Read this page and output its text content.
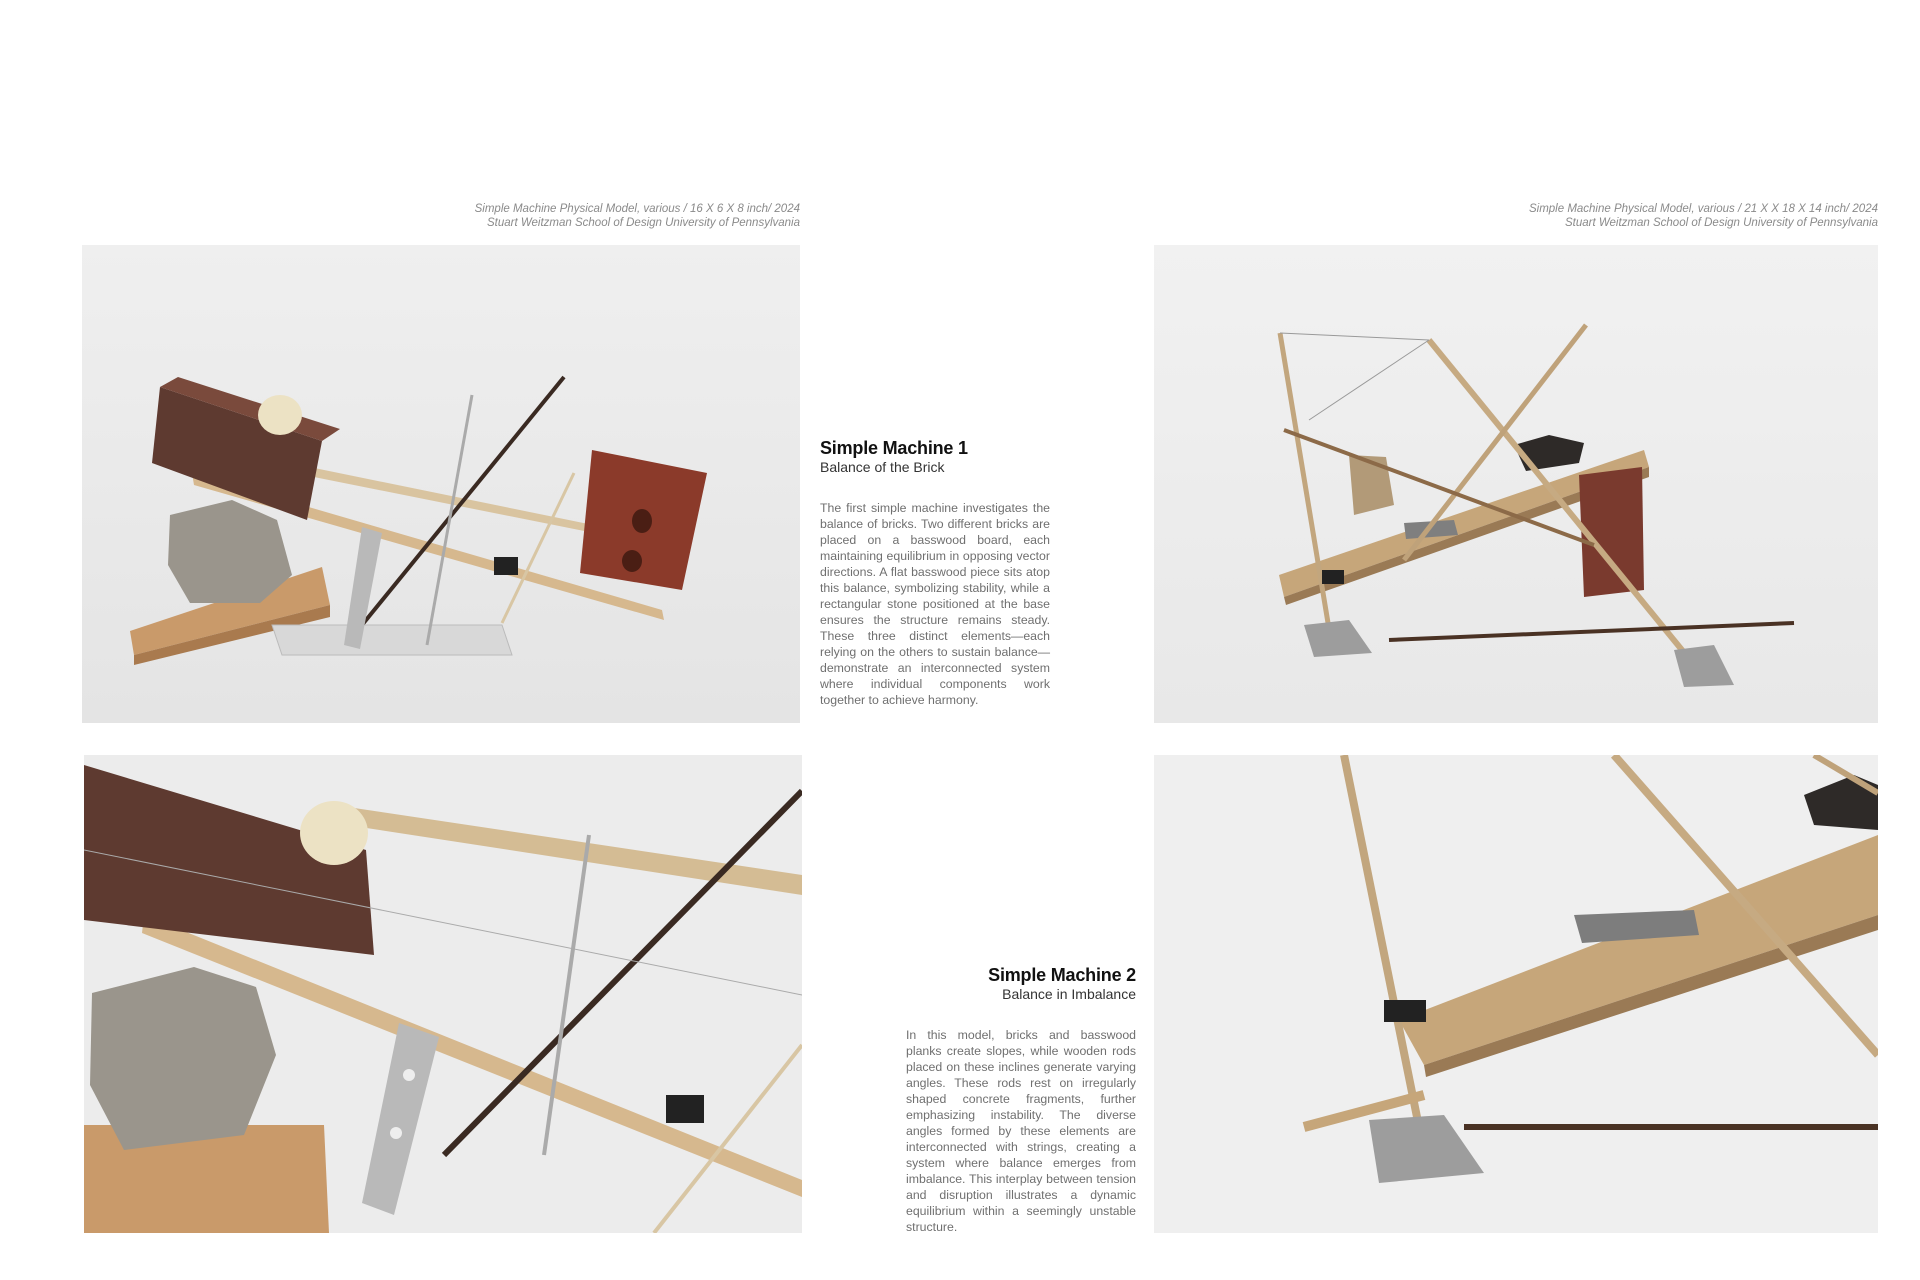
Simple Machine Physical Model, various / 16 X 6 X 8 inch/ 2024
Stuart Weitzman School of Design University of Pennsylvania
Simple Machine Physical Model, various / 21 X X 18 X 14 inch/ 2024
Stuart Weitzman School of Design University of Pennsylvania
Simple Machine 1

Balance of the Brick

The first simple machine investigates the balance of bricks. Two different bricks are placed on a basswood board, each maintaining equilibrium in opposing vector directions. A flat basswood piece sits atop this balance, symbolizing stability, while a rectangular stone positioned at the base ensures the structure remains steady. These three distinct elements—each relying on the others to sustain balance—demonstrate an interconnected system where individual components work together to achieve harmony.
Simple Machine 2

Balance in Imbalance

In this model, bricks and basswood planks create slopes, while wooden rods placed on these inclines generate varying angles. These rods rest on irregularly shaped concrete fragments, further emphasizing instability. The diverse angles formed by these elements are interconnected with strings, creating a system where balance emerges from imbalance. This interplay between tension and disruption illustrates a dynamic equilibrium within a seemingly unstable structure.
